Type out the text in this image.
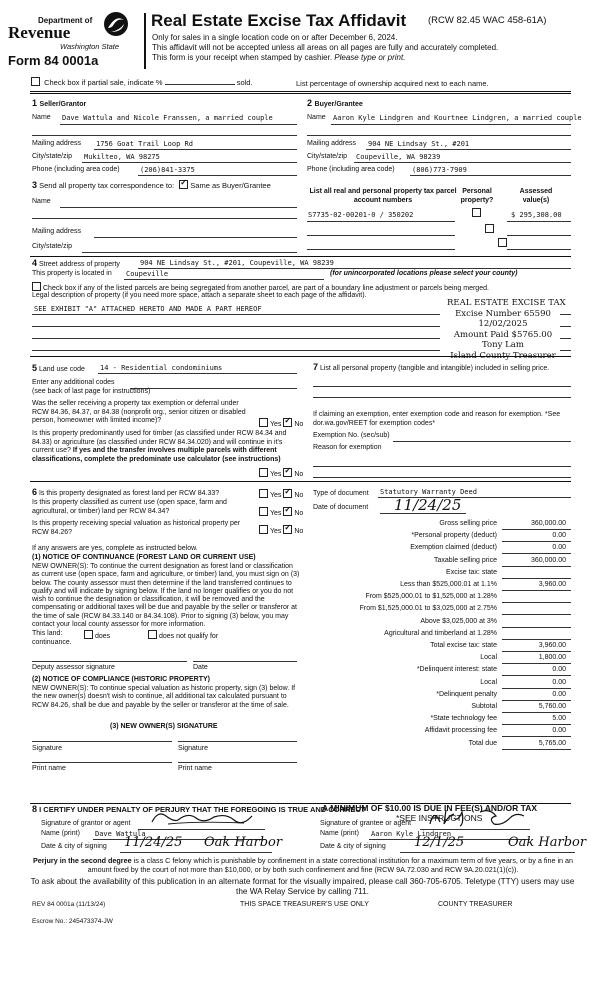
Department of
Revenue
Washington State
Form 84 0001a
Real Estate Excise Tax Affidavit (RCW 82.45 WAC 458-61A)
Only for sales in a single location code on or after December 6, 2024.
This affidavit will not be accepted unless all areas on all pages are fully and accurately completed.
This form is your receipt when stamped by cashier. Please type or print.
Check box if partial sale, indicate %	sold.	List percentage of ownership acquired next to each name.
1 Seller/Grantor
Name Dave Wattula and Nicole Franssen, a married couple
Mailing address 1756 Goat Trail Loop Rd
City/state/zip Mukilteo, WA 98275
Phone (including area code)	(206)841-3375
2 Buyer/Grantee
Name Aaron Kyle Lindgren and Kourtnee Lindgren, a married couple
Mailing address 904 NE Lindsay St., #201
City/state/zip Coupeville, WA 98239
Phone (including area code) (806)773-7909
3 Send all property tax correspondence to: ✓ Same as Buyer/Grantee
Name
Mailing address
City/state/zip
List all real and personal property tax parcel account numbers
Personal property?
Assessed value(s)
S7735-02-00201-0 / 350202
	$ 295,308.00

4 Street address of property	904 NE Lindsay St., #201, Coupeville, WA 98239
This property is located in Coupeville	(for unincorporated locations please select your county)
Check box if any of the listed parcels are being segregated from another parcel, are part of a boundary line adjustment or parcels being merged.
Legal description of property (if you need more space, attach a separate sheet to each page of the affidavit).
SEE EXHIBIT "A" ATTACHED HERETO AND MADE A PART HEREOF
REAL ESTATE EXCISE TAX
Excise Number 65590
12/02/2025
Amount Paid $5765.00
Tony Lam
Island County Treasurer
5 Land use code 14 - Residential condominiums
Enter any additional codes
(see back of last page for instructions)
Was the seller receiving a property tax exemption or deferral under RCW 84.36, 84.37, or 84.38 (nonprofit org., senior citizen or disabled person, homeowner with limited income)?
Yes ✓ No
Is this property predominantly used for timber (as classified under RCW 84.34 and 84.33) or agriculture (as classified under RCW 84.34.020) and will continue in it's current use? If yes and the transfer involves multiple parcels with different classifications, complete the predominate use calculator (see instructions)
Yes ✓ No
7 List all personal property (tangible and intangible) included in selling price.
If claiming an exemption, enter exemption code and reason for exemption. *See dor.wa.gov/REET for exemption codes*
Exemption No. (sec/sub)
Reason for exemption
6 Is this property designated as forest land per RCW 84.33?	Yes ✓ No
Is this property classified as current use (open space, farm and agricultural, or timber) land per RCW 84.34?	Yes ✓ No
Is this property receiving special valuation as historical property per RCW 84.26?	Yes ✓ No
If any answers are yes, complete as instructed below.
(1) NOTICE OF CONTINUANCE (FOREST LAND OR CURRENT USE)
NEW OWNER(S): To continue the current designation as forest land or classification as current use (open space, farm and agriculture, or timber) land, you must sign on (3) below. The county assessor must then determine if the land transferred continues to qualify and will indicate by signing below. If the land no longer qualifies or you do not wish to continue the designation or classification, it will be removed and the compensating or additional taxes will be due and payable by the seller or transferor at the time of sale (RCW 84.33.140 or 84.34.108). Prior to signing (3) below, you may contact your local county assessor for more information.
This land:	does	does not qualify for
continuance.
Deputy assessor signature	Date
(2) NOTICE OF COMPLIANCE (HISTORIC PROPERTY)
NEW OWNER(S): To continue special valuation as historic property, sign (3) below. If the new owner(s) doesn't wish to continue, all additional tax calculated pursuant to RCW 84.26, shall be due and payable by the seller or transferor at the time of sale.
(3) NEW OWNER(S) SIGNATURE
Signature	Signature
Print name	Print name
Type of document Statutory Warranty Deed
Date of document 11/24/25
Gross selling price	360,000.00
*Personal property (deduct)	0.00
Exemption claimed (deduct)	0.00
Taxable selling price	360,000.00
Excise tax: state
Less than $525,000.01 at 1.1%	3,960.00
From $525,000.01 to $1,525,000 at 1.28%
From $1,525,000.01 to $3,025,000 at 2.75%
Above $3,025,000 at 3%
Agricultural and timberland at 1.28%
Total excise tax: state	3,960.00
Local	1,800.00
*Delinquent interest: state	0.00
Local	0.00
*Delinquent penalty	0.00
Subtotal	5,760.00
*State technology fee	5.00
Affidavit processing fee	0.00
Total due	5,765.00
A MINIMUM OF $10.00 IS DUE IN FEE(S) AND/OR TAX
*SEE INSTRUCTIONS
8 I CERTIFY UNDER PENALTY OF PERJURY THAT THE FOREGOING IS TRUE AND CORRECT
Signature of grantor or agent
Name (print) Dave Wattula
Date & city of signing 11/24/25 Oak Harbor
Signature of grantee or agent
Name (print) Aaron Kyle Lindgren
Date & city of signing 12/1/25	Oak Harbor
Perjury in the second degree is a class C felony which is punishable by confinement in a state correctional institution for a maximum term of five years, or by a fine in an amount fixed by the court of not more than $10,000, or by both such confinement and fine (RCW 9A.72.030 and RCW 9A.20.021(1)(c)).
To ask about the availability of this publication in an alternate format for the visually impaired, please call 360-705-6705. Teletype (TTY) users may use the WA Relay Service by calling 711.
REV 84 0001a (11/13/24)	THIS SPACE TREASURER'S USE ONLY	COUNTY TREASURER
Escrow No.: 245473374-JW
